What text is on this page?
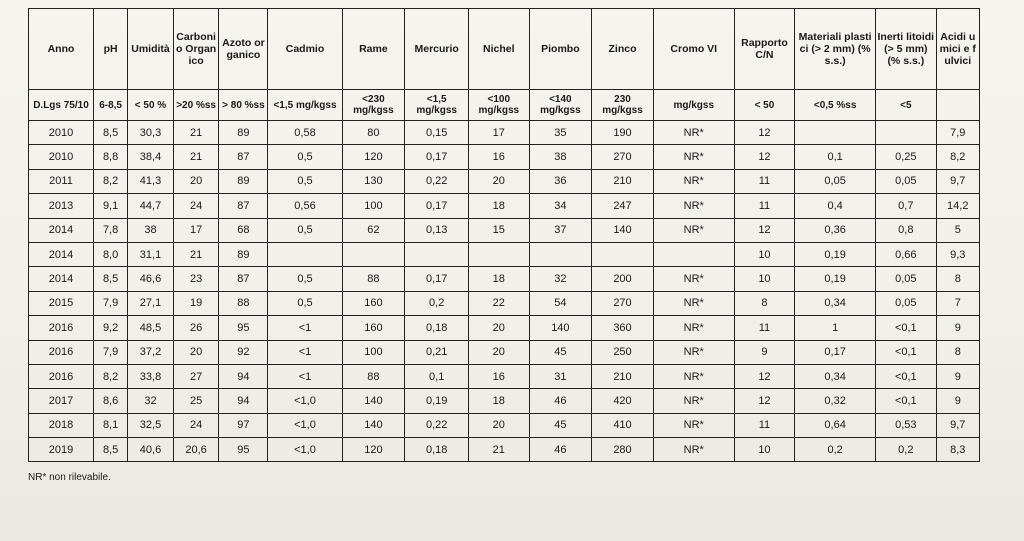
Anno	pH	Umidità	Carbonio Organico	Azoto organico	Cadmio	Rame	Mercurio	Nichel	Piombo	Zinco	Cromo VI	Rapporto C/N	Materiali plastici (> 2 mm) (% s.s.)	Inerti litoidi (> 5 mm) (% s.s.)	Acidi umici e fulvici
D.Lgs 75/10	6-8,5	< 50 %	>20 %ss	> 80 %ss	<1,5 mg/kgss	<230 mg/kgss	<1,5 mg/kgss	<100 mg/kgss	<140 mg/kgss	230 mg/kgss	mg/kgss	< 50	<0,5 %ss	<5	
2010	8,5	30,3	21	89	0,58	80	0,15	17	35	190	NR*	12			7,9
2010	8,8	38,4	21	87	0,5	120	0,17	16	38	270	NR*	12	0,1	0,25	8,2
2011	8,2	41,3	20	89	0,5	130	0,22	20	36	210	NR*	11	0,05	0,05	9,7
2013	9,1	44,7	24	87	0,56	100	0,17	18	34	247	NR*	11	0,4	0,7	14,2
2014	7,8	38	17	68	0,5	62	0,13	15	37	140	NR*	12	0,36	0,8	5
2014	8,0	31,1	21	89								10	0,19	0,66	9,3
2014	8,5	46,6	23	87	0,5	88	0,17	18	32	200	NR*	10	0,19	0,05	8
2015	7,9	27,1	19	88	0,5	160	0,2	22	54	270	NR*	8	0,34	0,05	7
2016	9,2	48,5	26	95	<1	160	0,18	20	140	360	NR*	11	1	<0,1	9
2016	7,9	37,2	20	92	<1	100	0,21	20	45	250	NR*	9	0,17	<0,1	8
2016	8,2	33,8	27	94	<1	88	0,1	16	31	210	NR*	12	0,34	<0,1	9
2017	8,6	32	25	94	<1,0	140	0,19	18	46	420	NR*	12	0,32	<0,1	9
2018	8,1	32,5	24	97	<1,0	140	0,22	20	45	410	NR*	11	0,64	0,53	9,7
2019	8,5	40,6	20,6	95	<1,0	120	0,18	21	46	280	NR*	10	0,2	0,2	8,3
NR* non rilevabile.
